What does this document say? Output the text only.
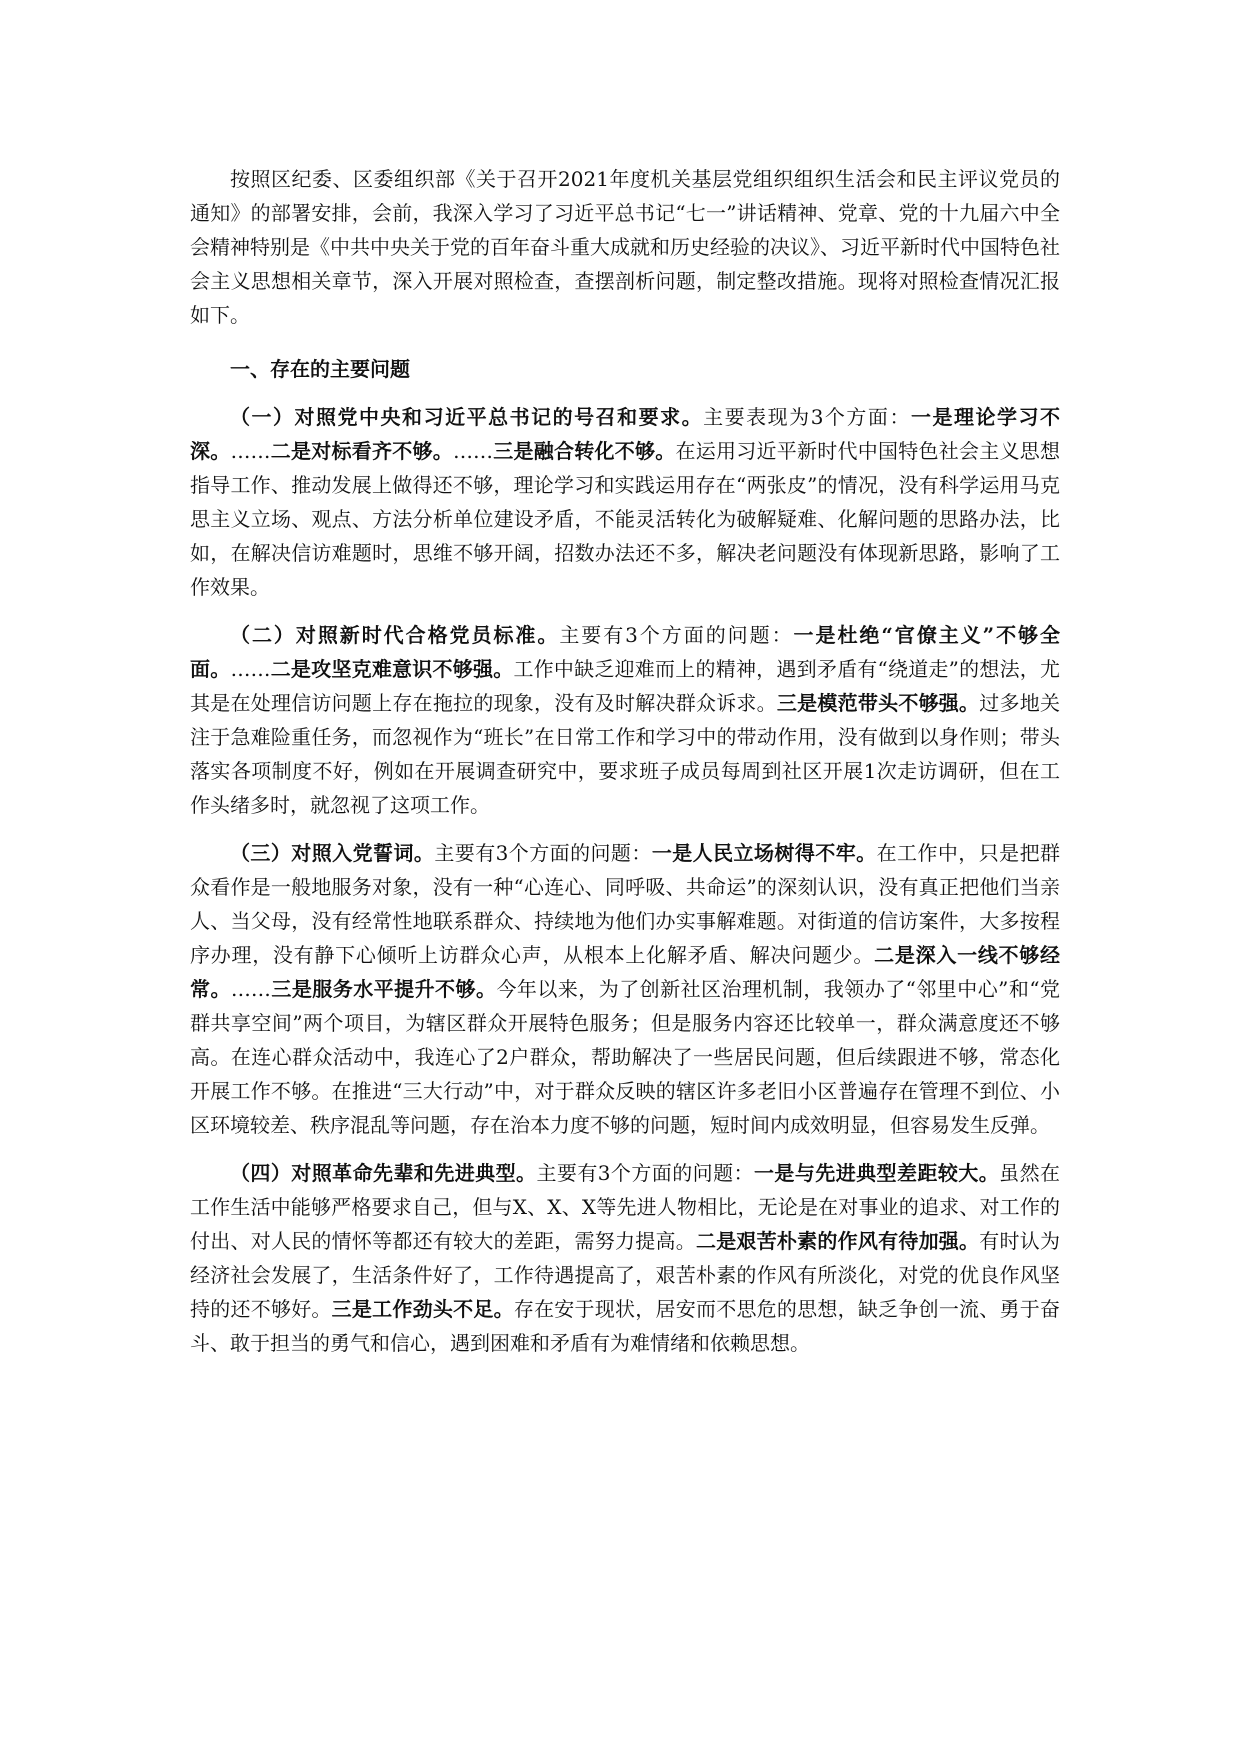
按照区纪委、区委组织部《关于召开2021年度机关基层党组织组织生活会和民主评议党员的通知》的部署安排，会前，我深入学习了习近平总书记“七一”讲话精神、党章、党的十九届六中全会精神特别是《中共中央关于党的百年奋斗重大成就和历史经验的决议》、习近平新时代中国特色社会主义思想相关章节，深入开展对照检查，查摆剖析问题，制定整改措施。现将对照检查情况汇报如下。

一、存在的主要问题

（一）对照党中央和习近平总书记的号召和要求。主要表现为3个方面：一是理论学习不深。……二是对标看齐不够。……三是融合转化不够。在运用习近平新时代中国特色社会主义思想指导工作、推动发展上做得还不够，理论学习和实践运用存在“两张皮”的情况，没有科学运用马克思主义立场、观点、方法分析单位建设矛盾，不能灵活转化为破解疑难、化解问题的思路办法，比如，在解决信访难题时，思维不够开阔，招数办法还不多，解决老问题没有体现新思路，影响了工作效果。

（二）对照新时代合格党员标准。主要有3个方面的问题：一是杜绝“官僚主义”不够全面。……二是攻坚克难意识不够强。工作中缺乏迎难而上的精神，遇到矛盾有“绕道走”的想法，尤其是在处理信访问题上存在拖拉的现象，没有及时解决群众诉求。三是模范带头不够强。过多地关注于急难险重任务，而忽视作为“班长”在日常工作和学习中的带动作用，没有做到以身作则；带头落实各项制度不好，例如在开展调查研究中，要求班子成员每周到社区开展1次走访调研，但在工作头绪多时，就忽视了这项工作。

（三）对照入党誓词。主要有3个方面的问题：一是人民立场树得不牢。在工作中，只是把群众看作是一般地服务对象，没有一种“心连心、同呼吸、共命运”的深刻认识，没有真正把他们当亲人、当父母，没有经常性地联系群众、持续地为他们办实事解难题。对街道的信访案件，大多按程序办理，没有静下心倾听上访群众心声，从根本上化解矛盾、解决问题少。二是深入一线不够经常。……三是服务水平提升不够。今年以来，为了创新社区治理机制，我领办了“邻里中心”和“党群共享空间”两个项目，为辖区群众开展特色服务；但是服务内容还比较单一，群众满意度还不够高。在连心群众活动中，我连心了2户群众，帮助解决了一些居民问题，但后续跟进不够，常态化开展工作不够。在推进“三大行动”中，对于群众反映的辖区许多老旧小区普遍存在管理不到位、小区环境较差、秩序混乱等问题，存在治本力度不够的问题，短时间内成效明显，但容易发生反弹。

（四）对照革命先辈和先进典型。主要有3个方面的问题：一是与先进典型差距较大。虽然在工作生活中能够严格要求自己，但与X、X、X等先进人物相比，无论是在对事业的追求、对工作的付出、对人民的情怀等都还有较大的差距，需努力提高。二是艰苦朴素的作风有待加强。有时认为经济社会发展了，生活条件好了，工作待遇提高了，艰苦朴素的作风有所淡化，对党的优良作风坚持的还不够好。三是工作劲头不足。存在安于现状，居安而不思危的思想，缺乏争创一流、勇于奋斗、敢于担当的勇气和信心，遇到困难和矛盾有为难情绪和依赖思想。
